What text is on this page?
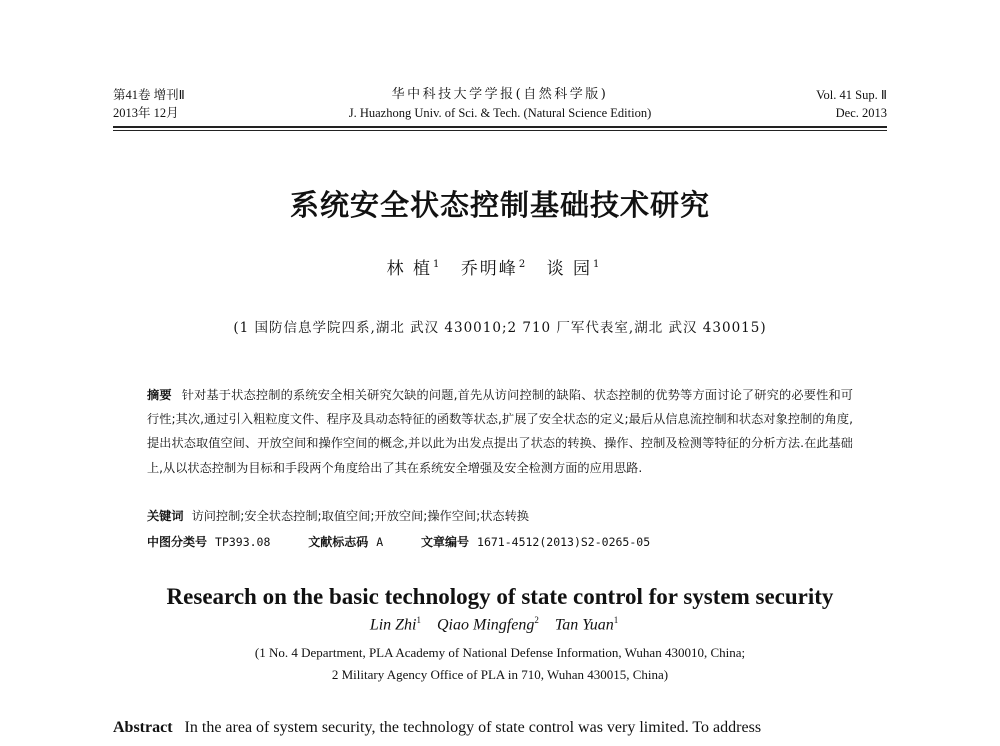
第41卷 增刊Ⅱ
2013年 12月
华中科技大学学报(自然科学版)
J. Huazhong Univ. of Sci. & Tech. (Natural Science Edition)
Vol. 41 Sup. Ⅱ
Dec. 2013
系统安全状态控制基础技术研究
林 植$^1$ 乔明峰$^2$ 谈 园$^1$
(1 国防信息学院四系,湖北 武汉 430010;2 710 厂军代表室,湖北 武汉 430015)
摘要 针对基于状态控制的系统安全相关研究欠缺的问题,首先从访问控制的缺陷、状态控制的优势等方面讨论了研究的必要性和可行性;其次,通过引入粗粒度文件、程序及具动态特征的函数等状态,扩展了安全状态的定义;最后从信息流控制和状态对象控制的角度,提出状态取值空间、开放空间和操作空间的概念,并以此为出发点提出了状态的转换、操作、控制及检测等特征的分析方法.在此基础上,从以状态控制为目标和手段两个角度给出了其在系统安全增强及安全检测方面的应用思路.
关键词 访问控制;安全状态控制;取值空间;开放空间;操作空间;状态转换
中图分类号 TP393.08	文献标志码 A	文章编号 1671-4512(2013)S2-0265-05
Research on the basic technology of state control for system security
Lin Zhi$^1$ Qiao Mingfeng$^2$ Tan Yuan$^1$
(1 No. 4 Department, PLA Academy of National Defense Information, Wuhan 430010, China;
2 Military Agency Office of PLA in 710, Wuhan 430015, China)
Abstract In the area of system security, the technology of state control was very limited. To address
